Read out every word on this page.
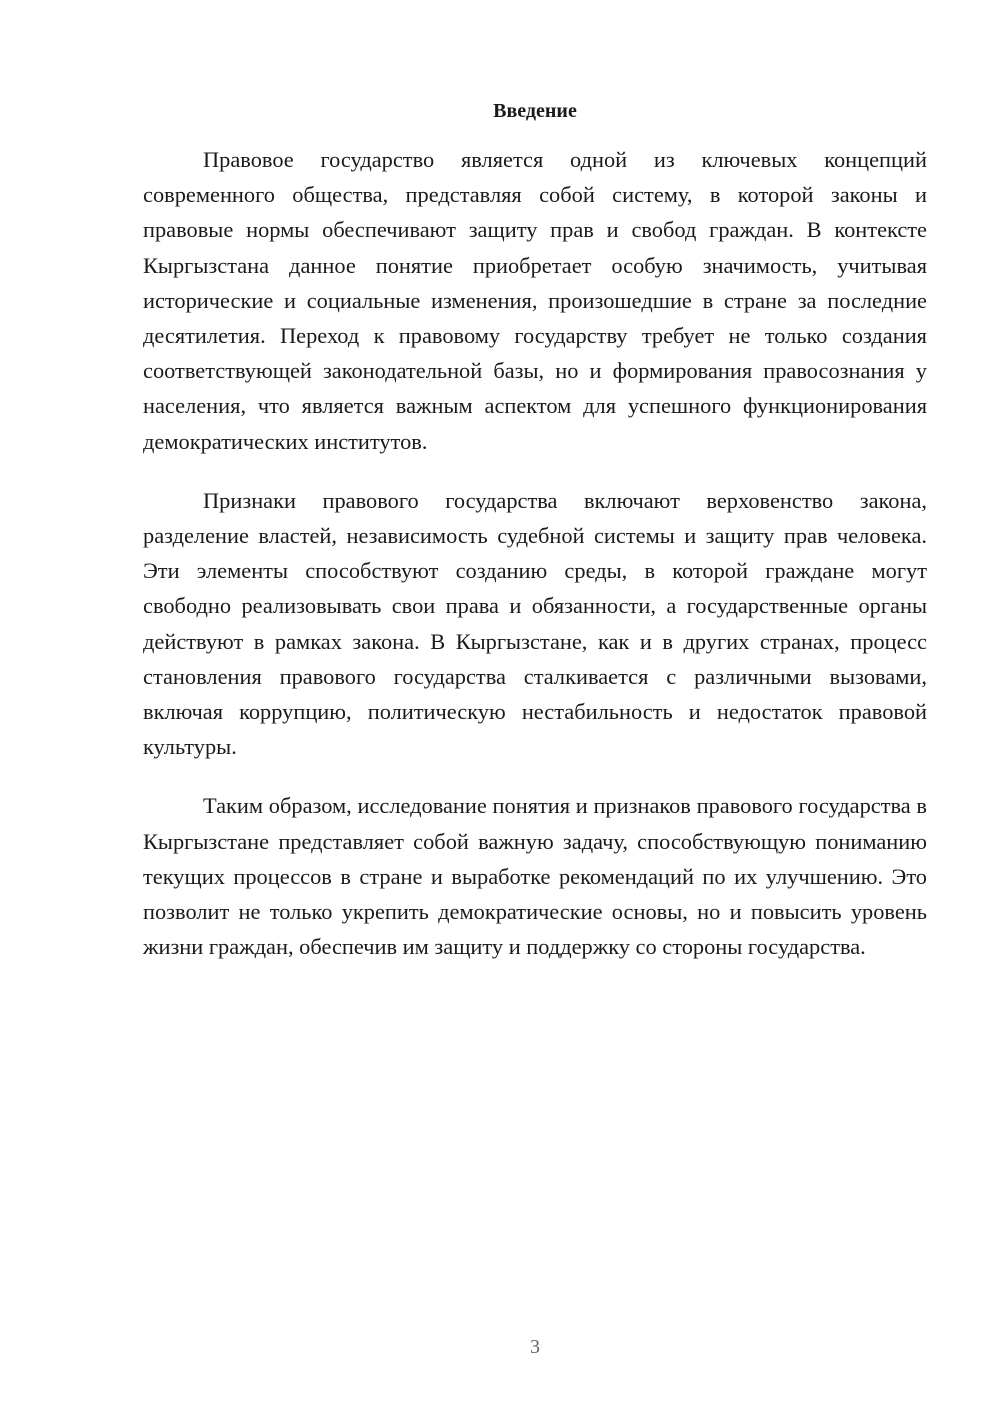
Введение

Правовое государство является одной из ключевых концепций современного общества, представляя собой систему, в которой законы и правовые нормы обеспечивают защиту прав и свобод граждан. В контексте Кыргызстана данное понятие приобретает особую значимость, учитывая исторические и социальные изменения, произошедшие в стране за последние десятилетия. Переход к правовому государству требует не только создания соответствующей законодательной базы, но и формирования правосознания у населения, что является важным аспектом для успешного функционирования демократических институтов.

Признаки правового государства включают верховенство закона, разделение властей, независимость судебной системы и защиту прав человека. Эти элементы способствуют созданию среды, в которой граждане могут свободно реализовывать свои права и обязанности, а государственные органы действуют в рамках закона. В Кыргызстане, как и в других странах, процесс становления правового государства сталкивается с различными вызовами, включая коррупцию, политическую нестабильность и недостаток правовой культуры.

Таким образом, исследование понятия и признаков правового государства в Кыргызстане представляет собой важную задачу, способствующую пониманию текущих процессов в стране и выработке рекомендаций по их улучшению. Это позволит не только укрепить демократические основы, но и повысить уровень жизни граждан, обеспечив им защиту и поддержку со стороны государства.

3
